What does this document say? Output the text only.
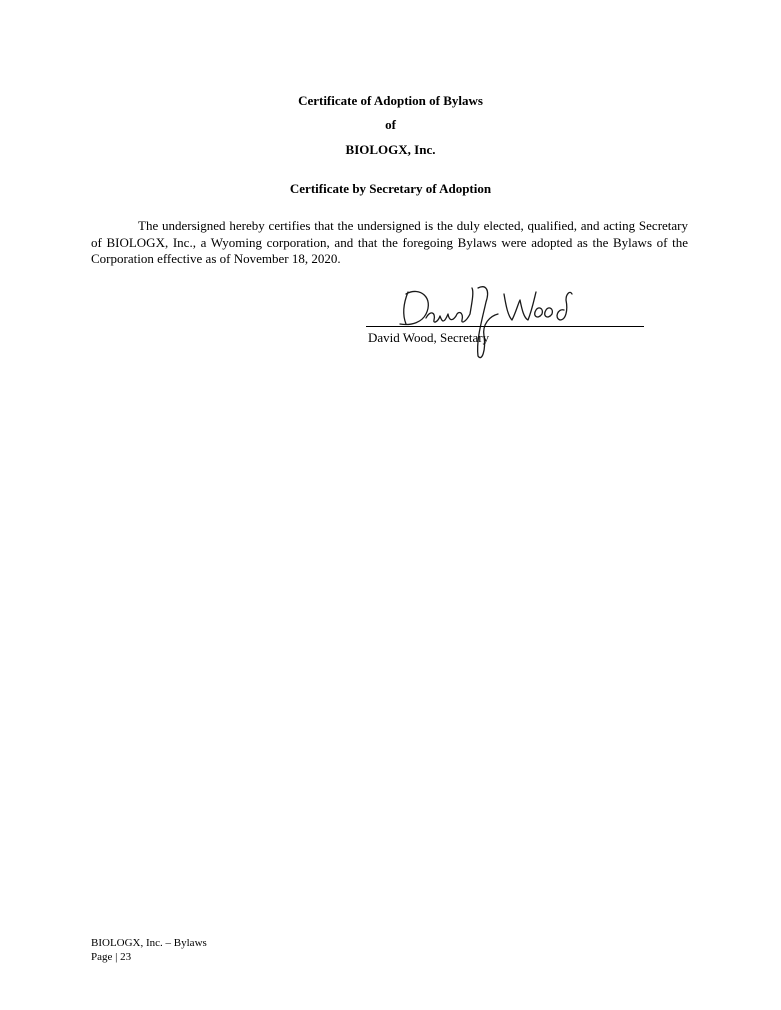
Certificate of Adoption of Bylaws
of
BIOLOGX, Inc.
Certificate by Secretary of Adoption
The undersigned hereby certifies that the undersigned is the duly elected, qualified, and acting Secretary of BIOLOGX, Inc., a Wyoming corporation, and that the foregoing Bylaws were adopted as the Bylaws of the Corporation effective as of November 18, 2020.
David Wood, Secretary
BIOLOGX, Inc. – Bylaws
Page | 23
